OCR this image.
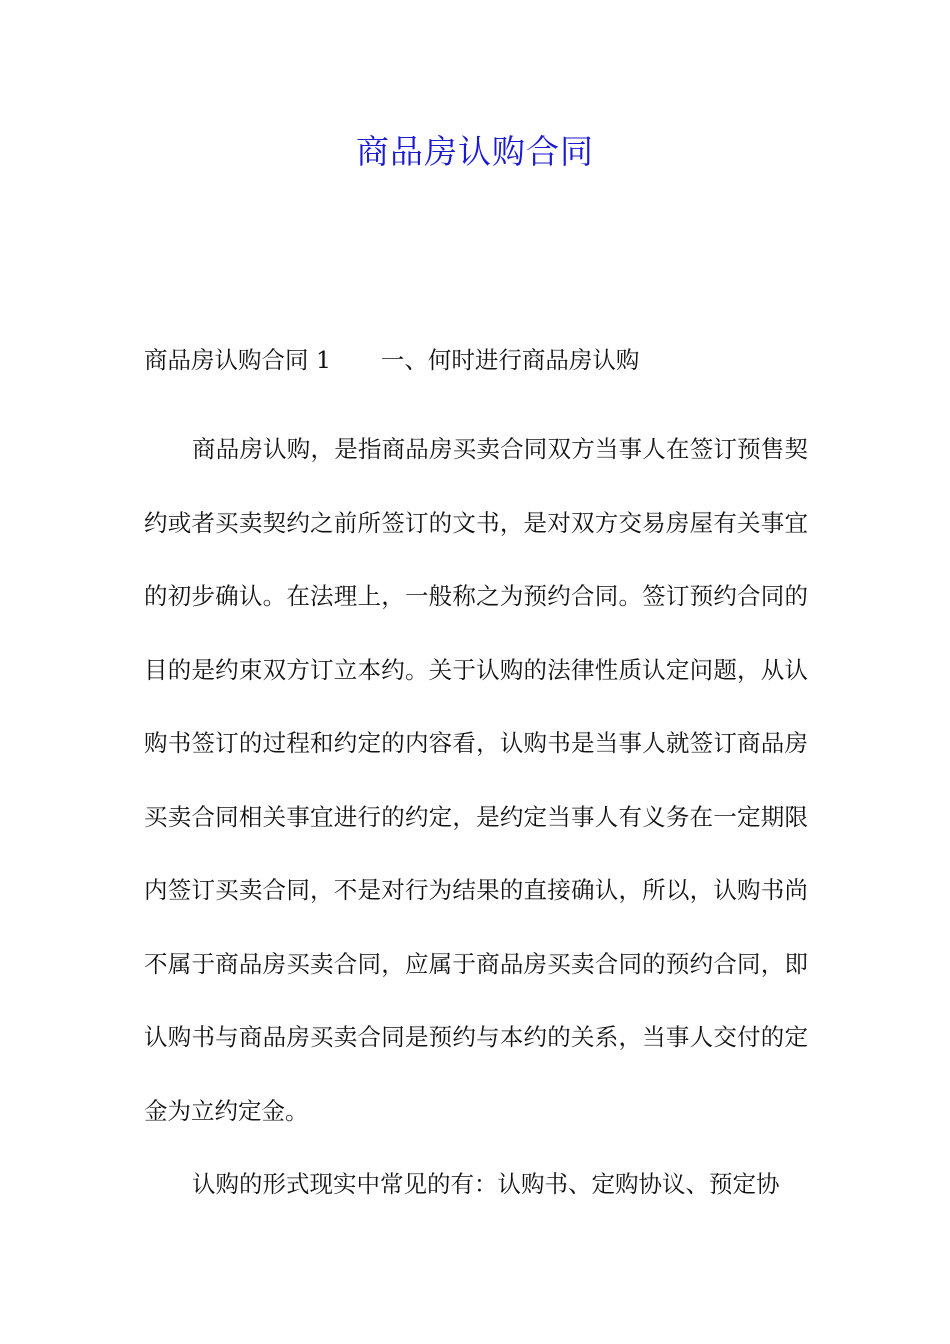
商品房认购合同
商品房认购合同 1 一、何时进行商品房认购

商品房认购，是指商品房买卖合同双方当事人在签订预售契约或者买卖契约之前所签订的文书，是对双方交易房屋有关事宜的初步确认。在法理上，一般称之为预约合同。签订预约合同的目的是约束双方订立本约。关于认购的法律性质认定问题，从认购书签订的过程和约定的内容看，认购书是当事人就签订商品房买卖合同相关事宜进行的约定，是约定当事人有义务在一定期限内签订买卖合同，不是对行为结果的直接确认，所以，认购书尚不属于商品房买卖合同，应属于商品房买卖合同的预约合同，即认购书与商品房买卖合同是预约与本约的关系，当事人交付的定金为立约定金。

认购的形式现实中常见的有：认购书、定购协议、预定协
